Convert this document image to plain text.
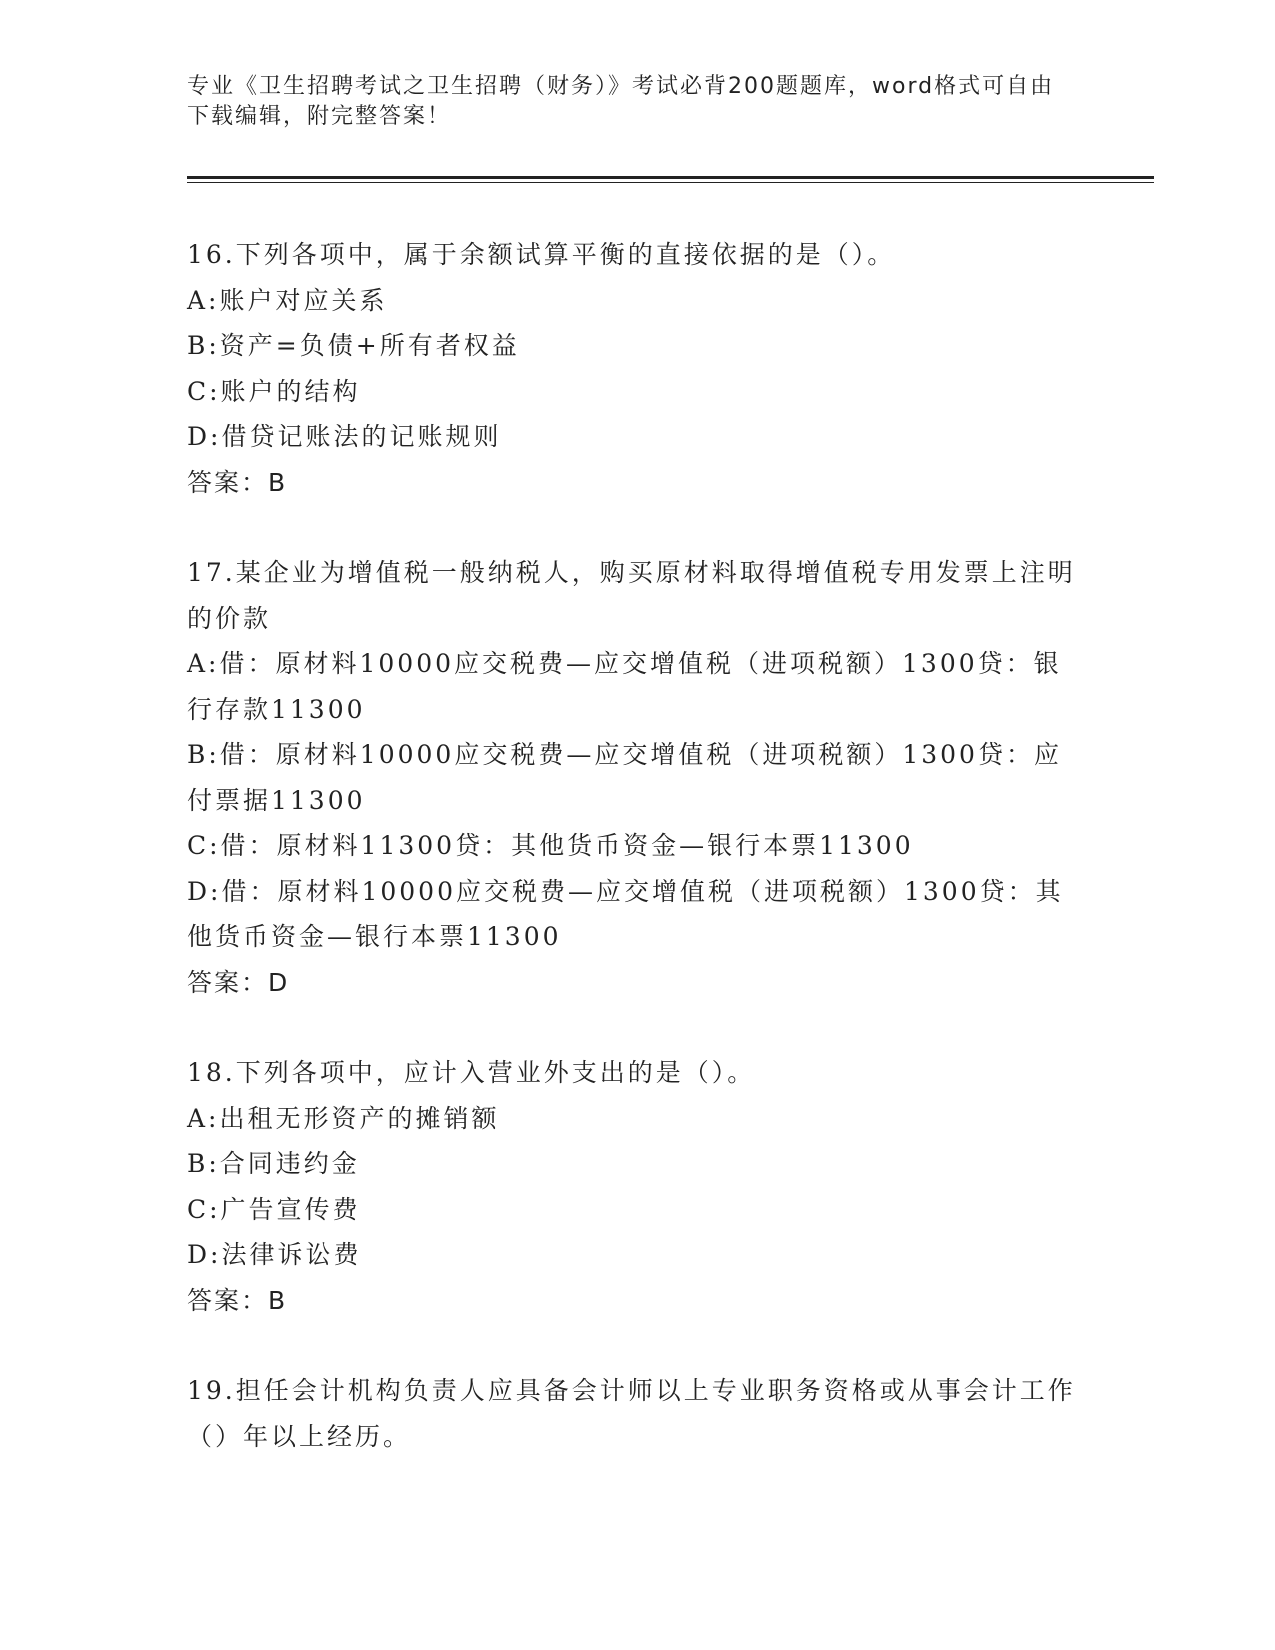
专业《卫生招聘考试之卫生招聘（财务）》考试必背200题题库，word格式可自由下载编辑，附完整答案！
16.下列各项中，属于余额试算平衡的直接依据的是（）。
A:账户对应关系
B:资产=负债+所有者权益
C:账户的结构
D:借贷记账法的记账规则
答案：B
17.某企业为增值税一般纳税人，购买原材料取得增值税专用发票上注明的价款
A:借：原材料10000应交税费—应交增值税（进项税额）1300贷：银行存款11300
B:借：原材料10000应交税费—应交增值税（进项税额）1300贷：应付票据11300
C:借：原材料11300贷：其他货币资金—银行本票11300
D:借：原材料10000应交税费—应交增值税（进项税额）1300贷：其他货币资金—银行本票11300
答案：D
18.下列各项中，应计入营业外支出的是（）。
A:出租无形资产的摊销额
B:合同违约金
C:广告宣传费
D:法律诉讼费
答案：B
19.担任会计机构负责人应具备会计师以上专业职务资格或从事会计工作（）年以上经历。
